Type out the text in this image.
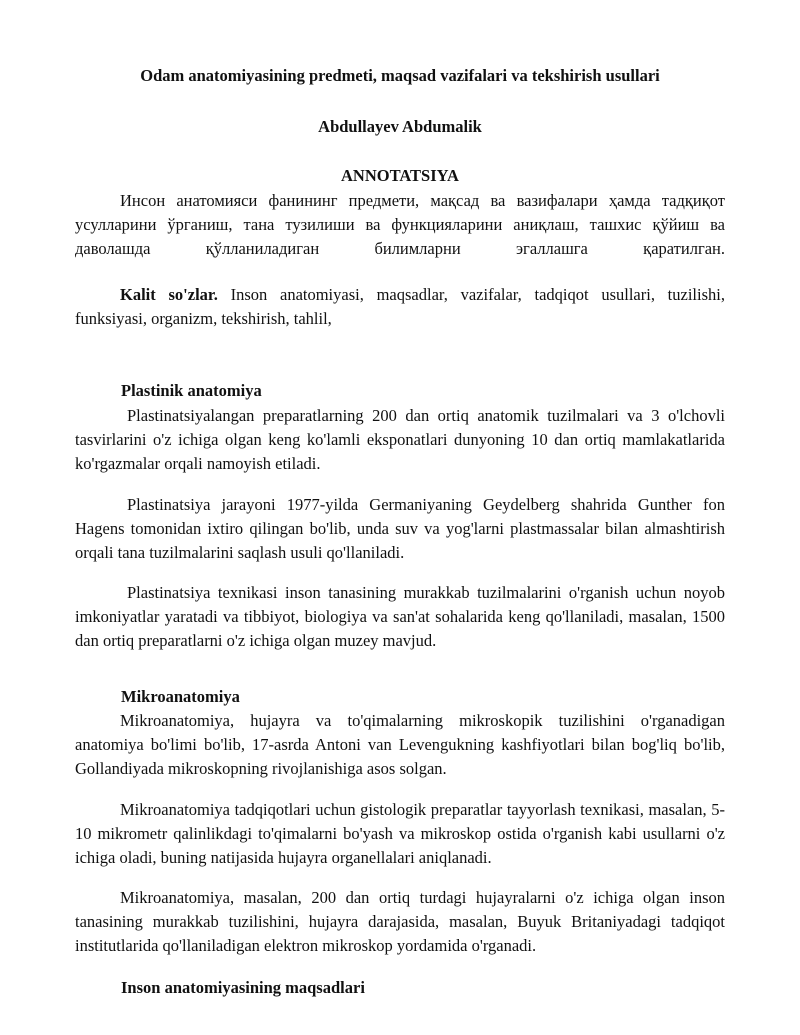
Odam anatomiyasining predmeti, maqsad vazifalari va tekshirish usullari
Abdullayev Abdumalik
ANNOTATSIYA
Инсон анатомияси фанининг предмети, мақсад ва вазифалари ҳамда тадқиқот усулларини ўрганиш, тана тузилиши ва функцияларини аниқлаш, ташхис қўйиш ва даволашда қўлланиладиган билимларни эгаллашга қаратилган.
Kalit so'zlar. Inson anatomiyasi, maqsadlar, vazifalar, tadqiqot usullari, tuzilishi, funksiyasi, organizm, tekshirish, tahlil,
Plastinik anatomiya
Plastinatsiyalangan preparatlarning 200 dan ortiq anatomik tuzilmalari va 3 o'lchovli tasvirlarini o'z ichiga olgan keng ko'lamli eksponatlari dunyoning 10 dan ortiq mamlakatlarida ko'rgazmalar orqali namoyish etiladi.
Plastinatsiya jarayoni 1977-yilda Germaniyaning Geydelberg shahrida Gunther fon Hagens tomonidan ixtiro qilingan bo'lib, unda suv va yog'larni plastmassalar bilan almashtirish orqali tana tuzilmalarini saqlash usuli qo'llaniladi.
Plastinatsiya texnikasi inson tanasining murakkab tuzilmalarini o'rganish uchun noyob imkoniyatlar yaratadi va tibbiyot, biologiya va san'at sohalarida keng qo'llaniladi, masalan, 1500 dan ortiq preparatlarni o'z ichiga olgan muzey mavjud.
Mikroanatomiya
Mikroanatomiya, hujayra va to'qimalarning mikroskopik tuzilishini o'rganadigan anatomiya bo'limi bo'lib, 17-asrda Antoni van Levengukning kashfiyotlari bilan bog'liq bo'lib, Gollandiyada mikroskopning rivojlanishiga asos solgan.
Mikroanatomiya tadqiqotlari uchun gistologik preparatlar tayyorlash texnikasi, masalan, 5-10 mikrometr qalinlikdagi to'qimalarni bo'yash va mikroskop ostida o'rganish kabi usullarni o'z ichiga oladi, buning natijasida hujayra organellalari aniqlanadi.
Mikroanatomiya, masalan, 200 dan ortiq turdagi hujayralarni o'z ichiga olgan inson tanasining murakkab tuzilishini, hujayra darajasida, masalan, Buyuk Britaniyadagi tadqiqot institutlarida qo'llaniladigan elektron mikroskop yordamida o'rganadi.
Inson anatomiyasining maqsadlari
